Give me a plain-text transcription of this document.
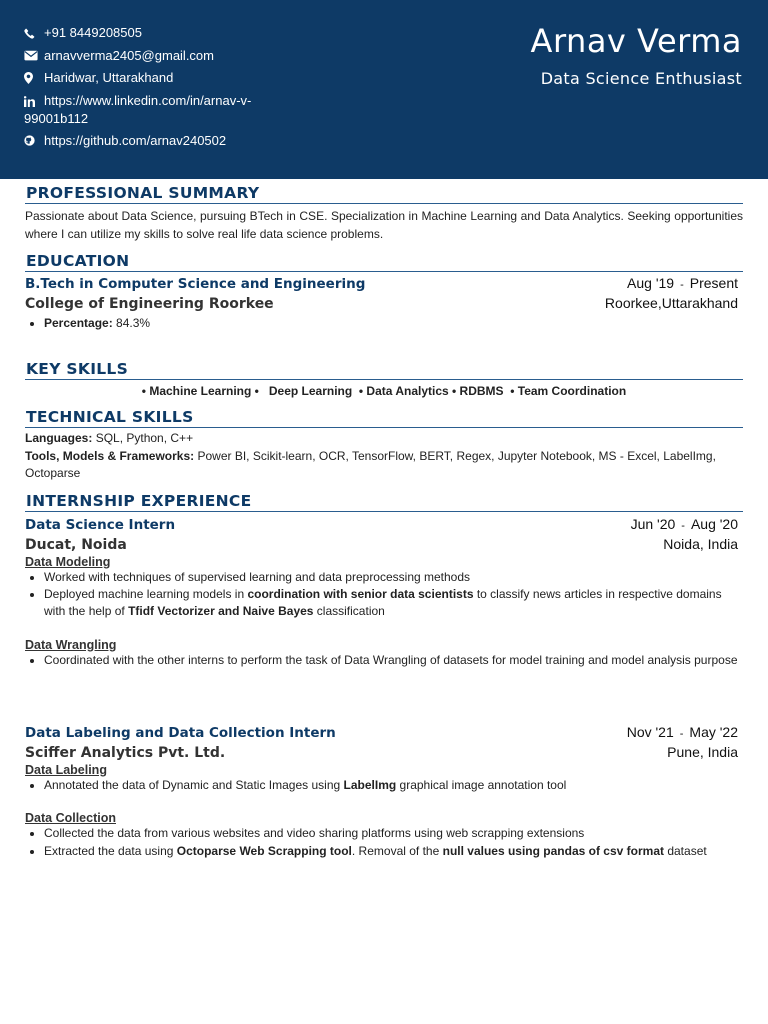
+91 8449208505
arnavverma2405@gmail.com
Haridwar, Uttarakhand
https://www.linkedin.com/in/arnav-v-
99001b112
https://github.com/arnav240502
Arnav Verma
Data Science Enthusiast
PROFESSIONAL SUMMARY
Passionate about Data Science, pursuing BTech in CSE. Specialization in Machine Learning and Data Analytics. Seeking opportunities where I can utilize my skills to solve real life data science problems.
EDUCATION
B.Tech in Computer Science and Engineering	Aug '19 - Present
College of Engineering Roorkee	Roorkee,Uttarakhand
• Percentage: 84.3%
KEY SKILLS
• Machine Learning •   Deep Learning  • Data Analytics • RDBMS  • Team Coordination
TECHNICAL SKILLS
Languages: SQL, Python, C++
Tools, Models & Frameworks: Power BI, Scikit-learn, OCR, TensorFlow, BERT, Regex, Jupyter Notebook, MS - Excel, LabelImg, Octoparse
INTERNSHIP EXPERIENCE
Data Science Intern	Jun '20 - Aug '20
Ducat, Noida	Noida, India
Data Modeling
• Worked with techniques of supervised learning and data preprocessing methods
• Deployed machine learning models in coordination with senior data scientists to classify news articles in respective domains with the help of Tfidf Vectorizer and Naive Bayes classification
Data Wrangling
• Coordinated with the other interns to perform the task of Data Wrangling of datasets for model training and model analysis purpose
Data Labeling and Data Collection Intern	Nov '21 - May '22
Sciffer Analytics Pvt. Ltd.	Pune, India
Data Labeling
• Annotated the data of Dynamic and Static Images using LabelImg graphical image annotation tool
Data Collection
• Collected the data from various websites and video sharing platforms using web scrapping extensions
• Extracted the data using Octoparse Web Scrapping tool. Removal of the null values using pandas of csv format dataset
